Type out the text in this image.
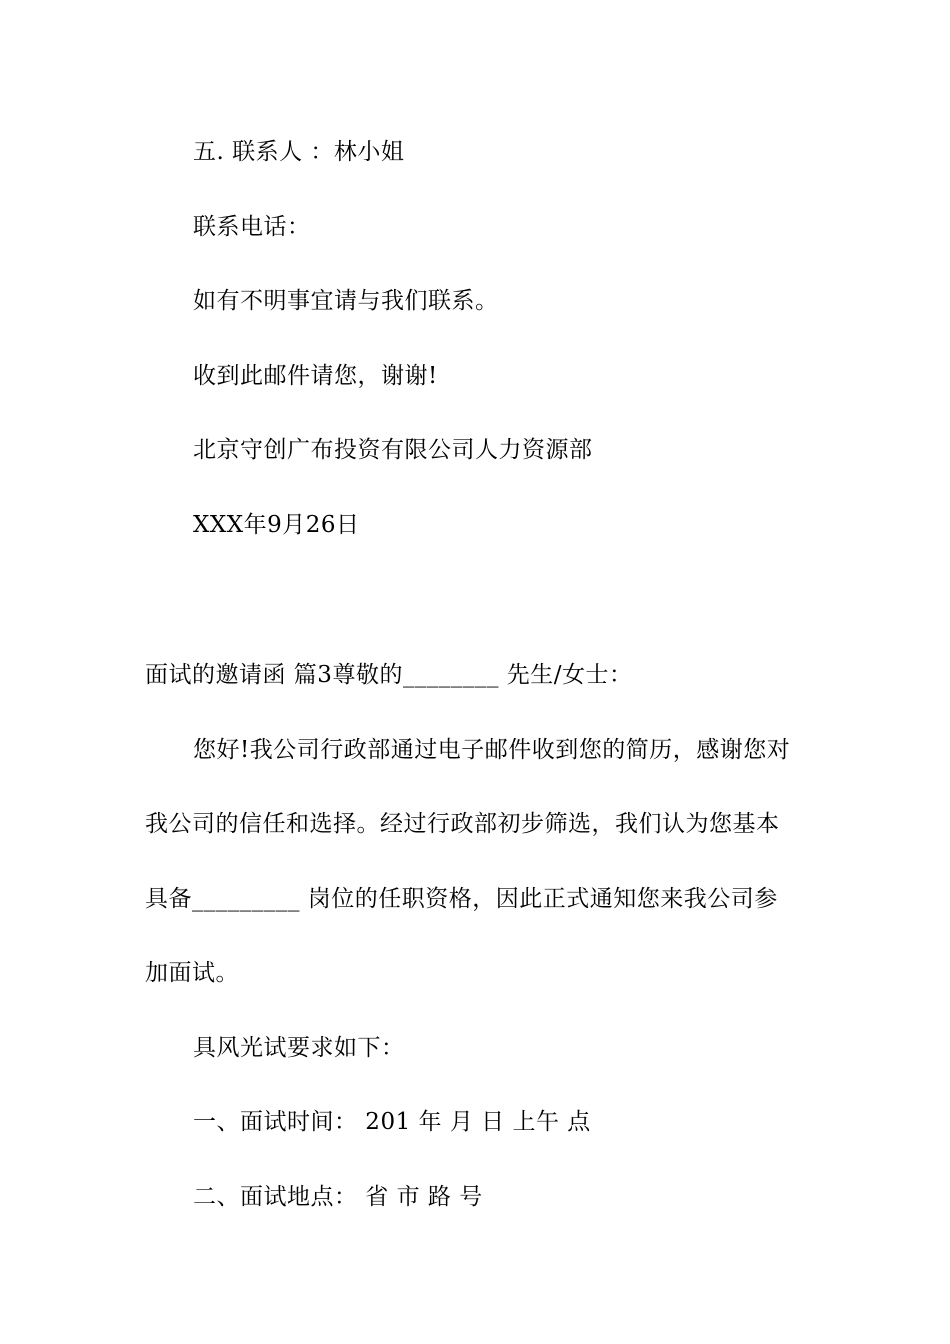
五. 联系人 ：林小姐
联系电话：
如有不明事宜请与我们联系。
收到此邮件请您，谢谢!
北京守创广布投资有限公司人力资源部
XXX年9月26日
面试的邀请函 篇3尊敬的________ 先生/女士：
您好!我公司行政部通过电子邮件收到您的简历，感谢您对
我公司的信任和选择。经过行政部初步筛选，我们认为您基本
具备_________ 岗位的任职资格，因此正式通知您来我公司参
加面试。
具风光试要求如下：
一、面试时间： 201 年 月 日 上午 点
二、面试地点： 省 市 路 号
